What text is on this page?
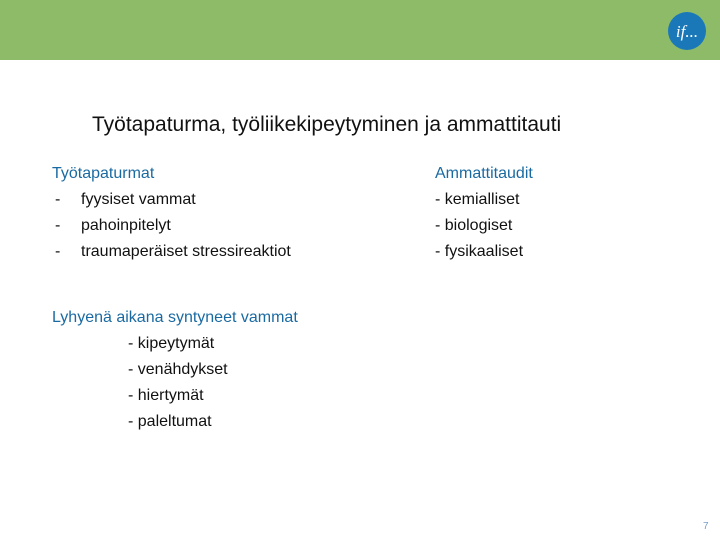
if...
Työtapaturma, työliikekipeytyminen ja ammattitauti
Työtapaturmat
- fyysiset vammat
- pahoinpitelyt
- traumaperäiset stressireaktiot
Ammattitaudit
- kemialliset
- biologiset
- fysikaaliset
Lyhyenä aikana syntyneet vammat
- kipeytymät
- venähdykset
- hiertymät
- paleltumat
7
